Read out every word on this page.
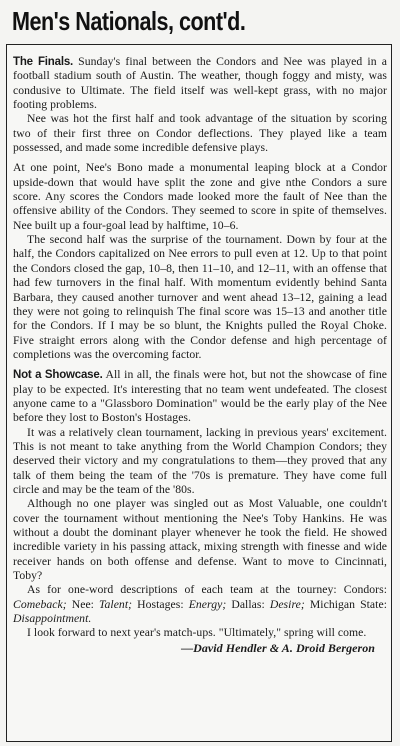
Men's Nationals, cont'd.

The Finals. Sunday's final between the Condors and Nee was played in a football stadium south of Austin. The weather, though foggy and misty, was condusive to Ultimate. The field itself was well-kept grass, with no major footing problems.

Nee was hot the first half and took advantage of the situation by scoring two of their first three on Condor deflections. They played like a team possessed, and made some incredible defensive plays.

At one point, Nee's Bono made a monumental leaping block at a Condor upside-down that would have split the zone and give nthe Condors a sure score. Any scores the Condors made looked more the fault of Nee than the offensive ability of the Condors. They seemed to score in spite of themselves. Nee built up a four-goal lead by halftime, 10–6.

The second half was the surprise of the tournament. Down by four at the half, the Condors capitalized on Nee errors to pull even at 12. Up to that point the Condors closed the gap, 10–8, then 11–10, and 12–11, with an offense that had few turnovers in the final half. With momentum evidently behind Santa Barbara, they caused another turnover and went ahead 13–12, gaining a lead they were not going to relinquish The final score was 15–13 and another title for the Condors. If I may be so blunt, the Knights pulled the Royal Choke. Five straight errors along with the Condor defense and high percentage of completions was the overcoming factor.

Not a Showcase. All in all, the finals were hot, but not the showcase of fine play to be expected. It's interesting that no team went undefeated. The closest anyone came to a "Glassboro Domination" would be the early play of the Nee before they lost to Boston's Hostages.

It was a relatively clean tournament, lacking in previous years' excitement. This is not meant to take anything from the World Champion Condors; they deserved their victory and my congratulations to them—they proved that any talk of them being the team of the '70s is premature. They have come full circle and may be the team of the '80s.

Although no one player was singled out as Most Valuable, one couldn't cover the tournament without mentioning the Nee's Toby Hankins. He was without a doubt the dominant player whenever he took the field. He showed incredible variety in his passing attack, mixing strength with finesse and wide receiver hands on both offense and defense. Want to move to Cincinnati, Toby?

As for one-word descriptions of each team at the tourney: Condors: Comeback; Nee: Talent; Hostages: Energy; Dallas: Desire; Michigan State: Disappointment.

I look forward to next year's match-ups. "Ultimately," spring will come.

—David Hendler & A. Droid Bergeron
